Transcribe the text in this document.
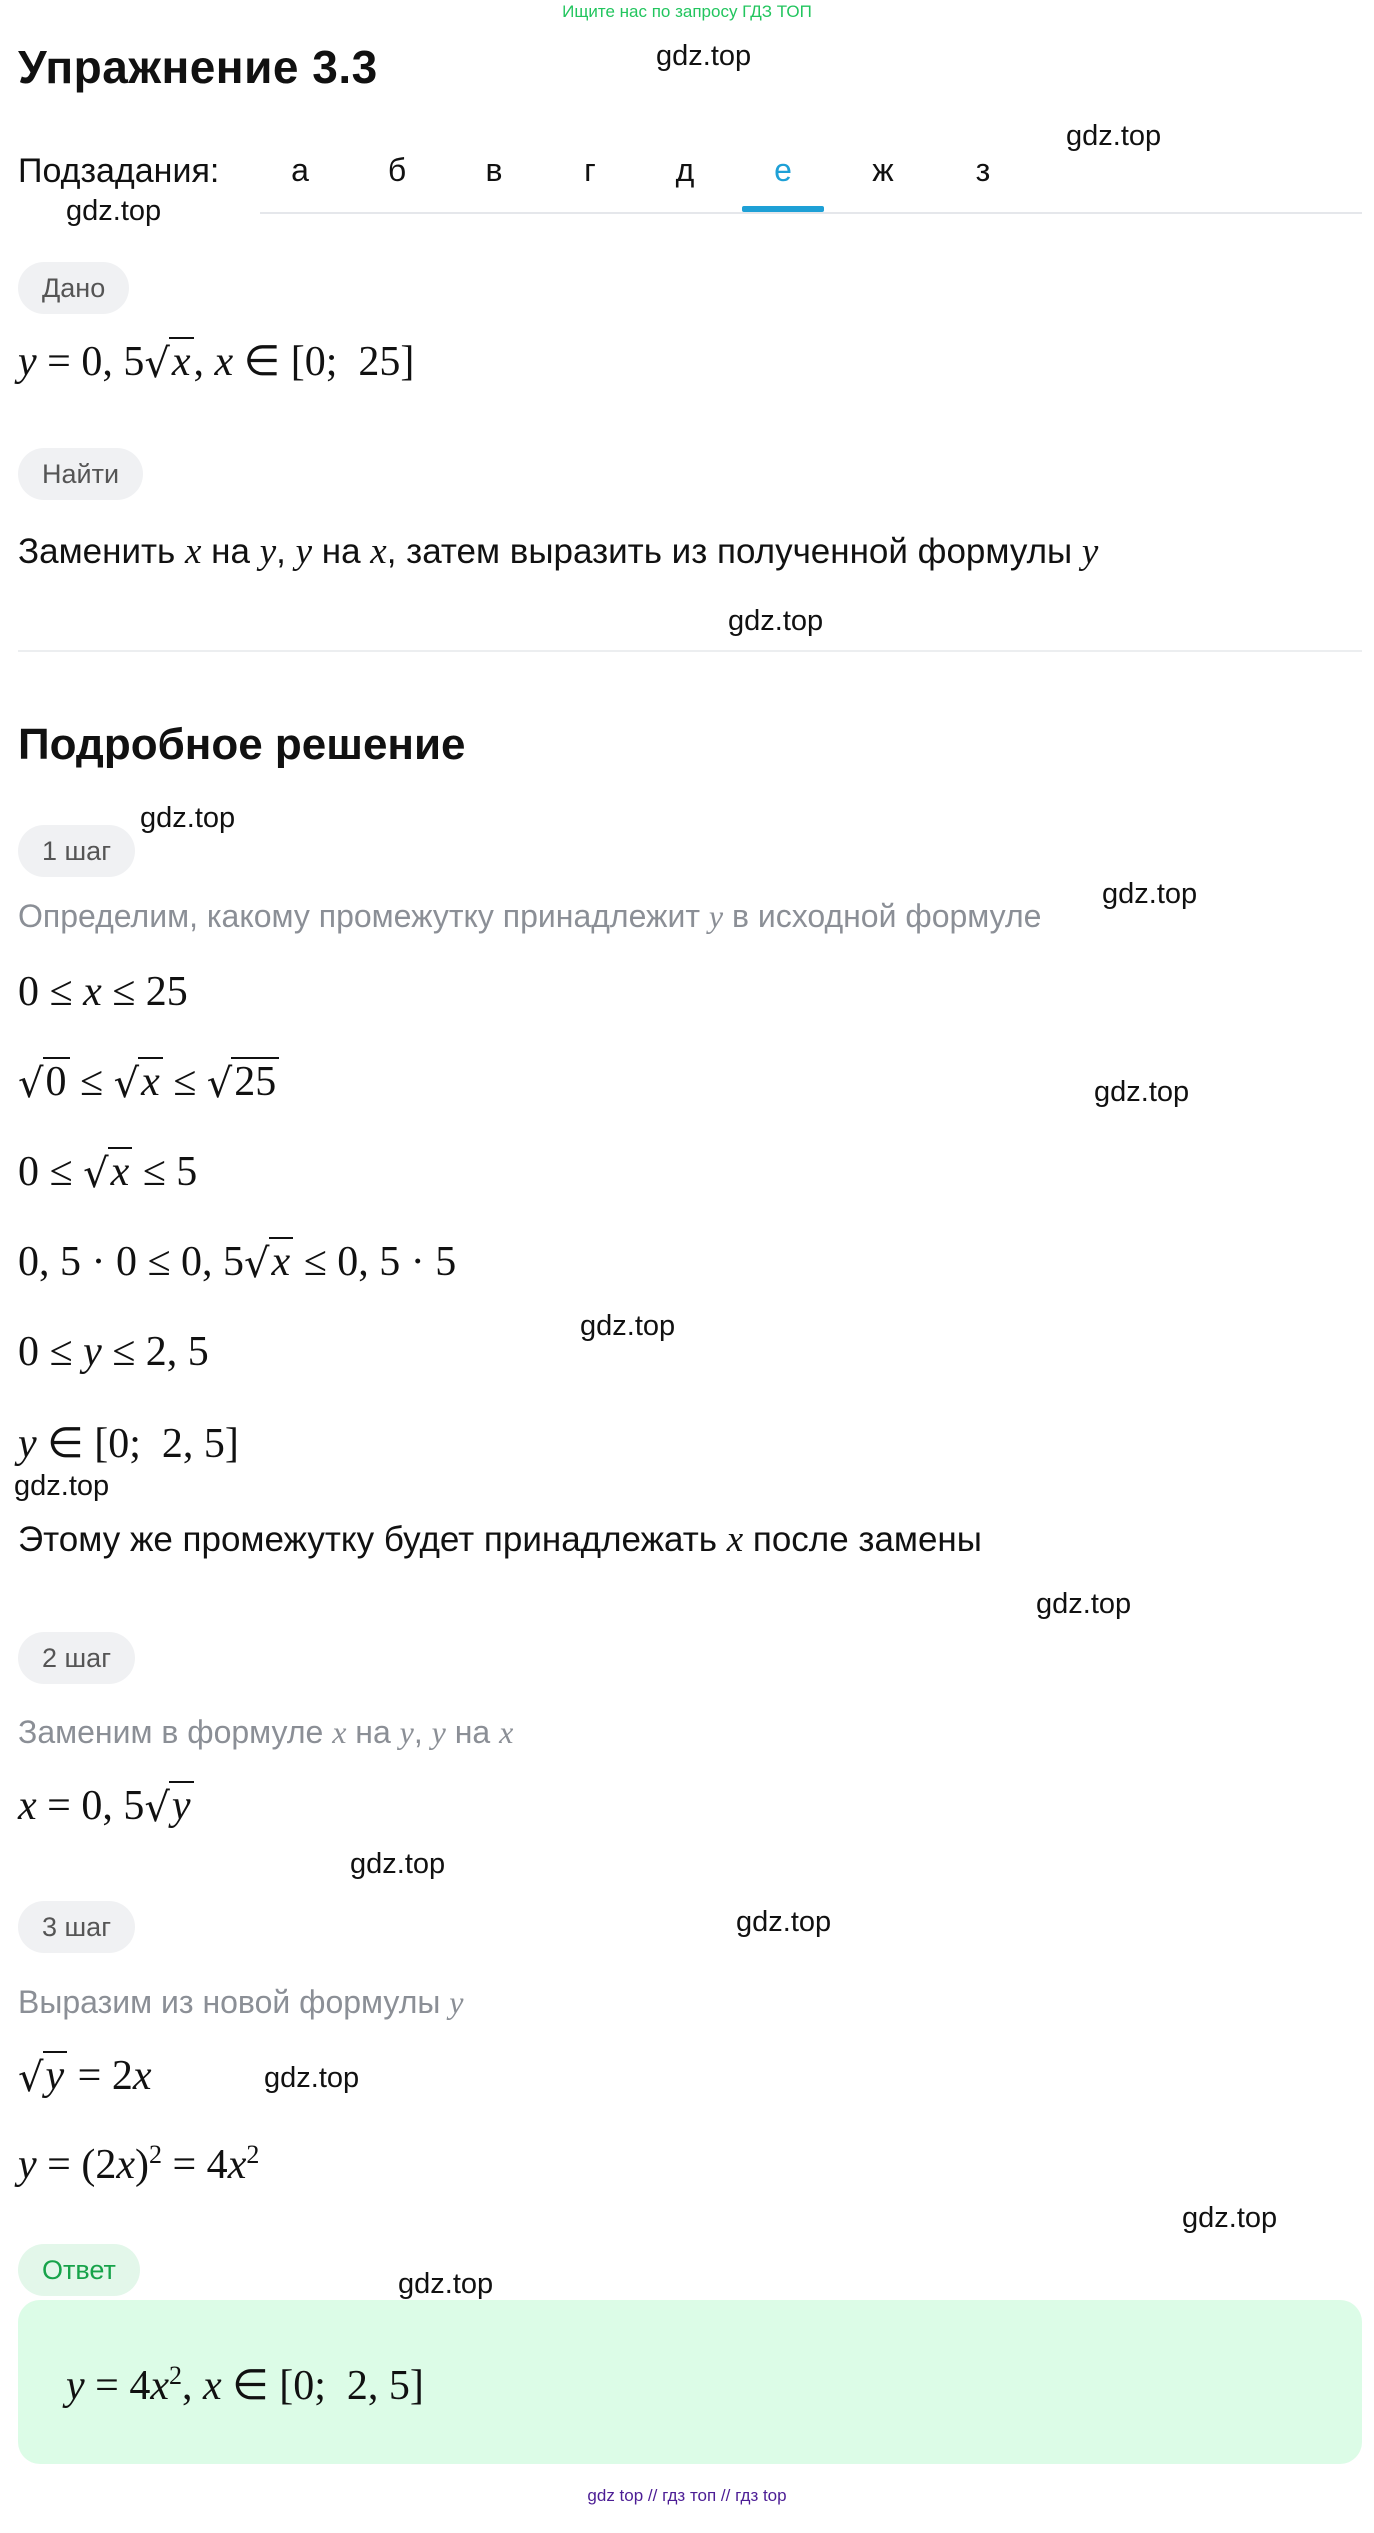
Ищите нас по запросу ГДЗ ТОП
Упражнение 3.3
Подзадания:	а	б	в	г	д	е	ж	з
Дано
y = 0, 5√x, x ∈ [0;  25]
Найти
Заменить x на y, y на x, затем выразить из полученной формулы y
Подробное решение
1 шаг
Определим, какому промежутку принадлежит y в исходной формуле
0 ≤ x ≤ 25
√0 ≤ √x ≤ √25
0 ≤ √x ≤ 5
0, 5 · 0 ≤ 0, 5√x ≤ 0, 5 · 5
0 ≤ y ≤ 2, 5
y ∈ [0;  2, 5]
Этому же промежутку будет принадлежать x после замены
2 шаг
Заменим в формуле x на y, y на x
x = 0, 5√y
3 шаг
Выразим из новой формулы y
√y = 2x
$y = (2x)^2 = 4x^2$
Ответ
$y = 4x^2$, x ∈ [0;  2, 5]
gdz.top
gdz.top
gdz.top
gdz.top
gdz.top
gdz.top
gdz.top
gdz.top
gdz.top
gdz.top
gdz.top
gdz.top
gdz.top
gdz.top
gdz.top
gdz top // гдз топ // гдз top
